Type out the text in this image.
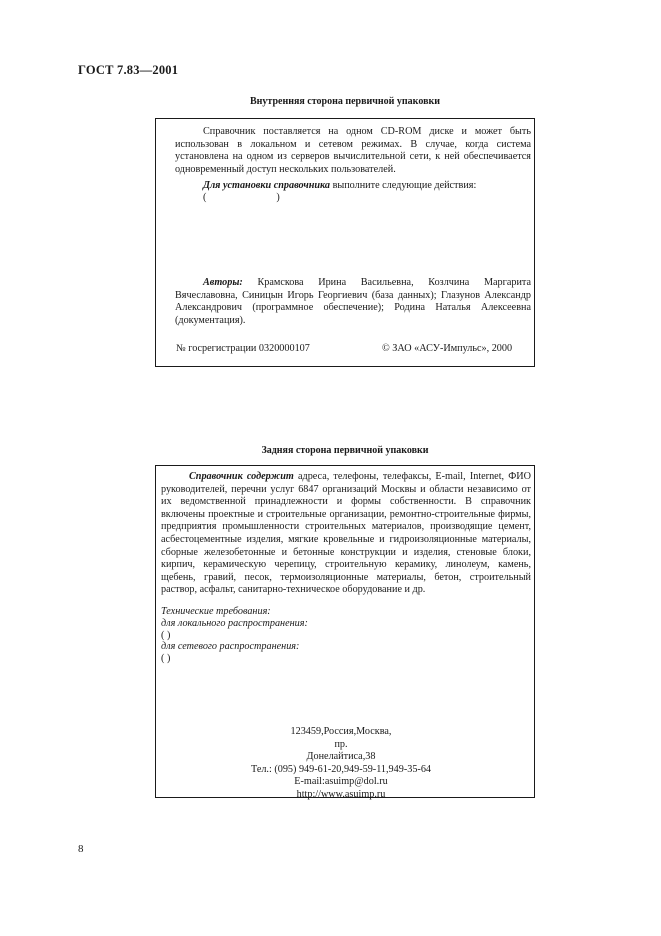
ГОСТ 7.83—2001
Внутренняя сторона первичной упаковки
Справочник поставляется на одном CD-ROM диске и может быть использован в локальном и сетевом режимах. В случае, когда система установлена на одном из серверов вычислительной сети, к ней обеспечивается одновременный доступ нескольких пользователей.
Для установки справочника выполните следующие действия:
(	)
Авторы: Крамскова Ирина Васильевна, Козлчина Маргарита Вячеславовна, Синицын Игорь Георгиевич (база данных); Глазунов Александр Александрович (программное обеспечение); Родина Наталья Алексеевна (документация).
№ госрегистрации 0320000107	© ЗАО «АСУ-Импульс», 2000
Задняя сторона первичной упаковки
Справочник содержит адреса, телефоны, телефаксы, E-mail, Internet, ФИО руководителей, перечни услуг 6847 организаций Москвы и области независимо от их ведомственной принадлежности и формы собственности. В справочник включены проектные и строительные организации, ремонтно-строительные фирмы, предприятия промышленности строительных материалов, производящие цемент, асбестоцементные изделия, мягкие кровельные и гидроизоляционные материалы, сборные железобетонные и бетонные конструкции и изделия, стеновые блоки, кирпич, керамическую черепицу, строительную керамику, линолеум, камень, щебень, гравий, песок, термоизоляционные материалы, бетон, строительный раствор, асфальт, санитарно-техническое оборудование и др.
Технические требования:
для локального распространения:
( )
для сетевого распространения:
( )
123459,Россия,Москва,
пр.
Донелайтиса,38
Тел.: (095) 949-61-20,949-59-11,949-35-64
E-mail:asuimp@dol.ru
http://www.asuimp.ru
8
